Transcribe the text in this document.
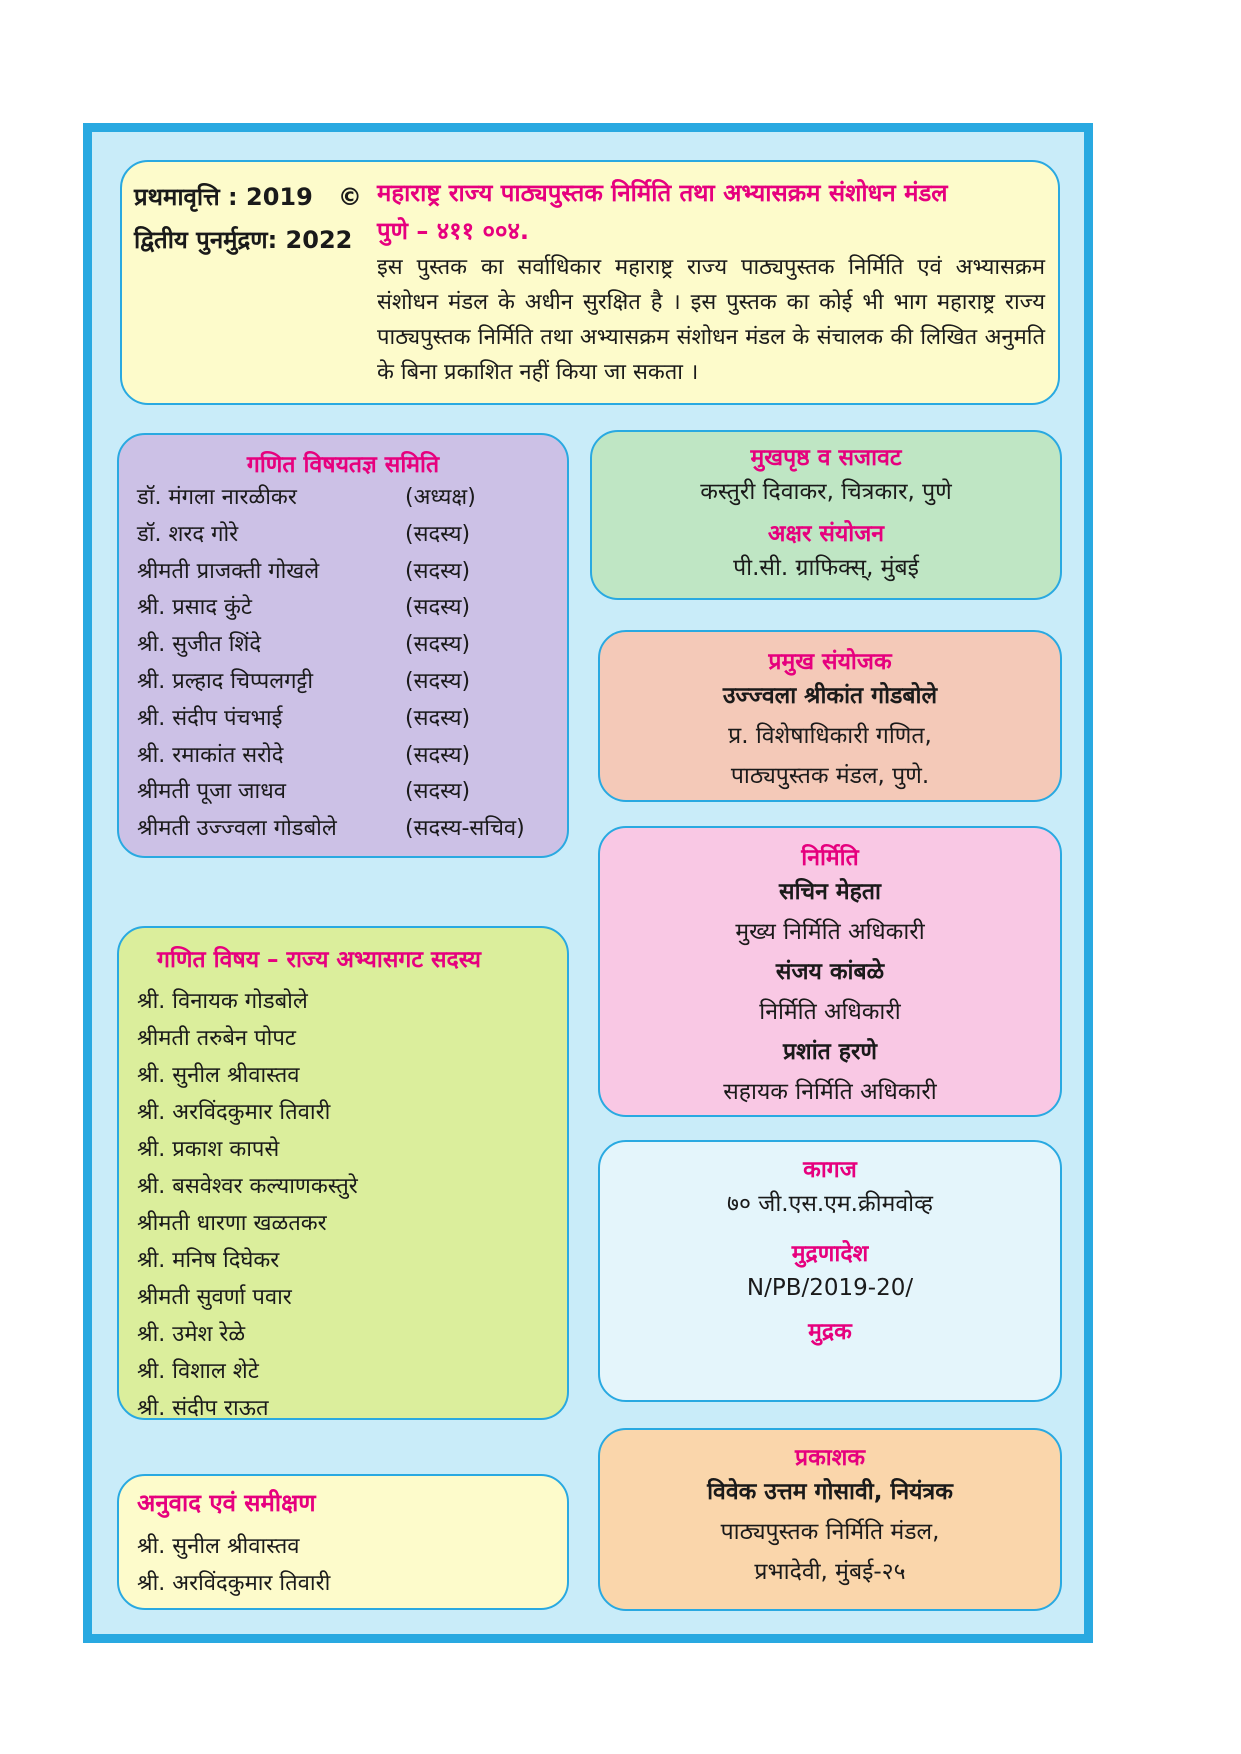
प्रथमावृत्ति : 2019 ©
द्वितीय पुनर्मुद्रण: 2022
महाराष्ट्र राज्य पाठ्यपुस्तक निर्मिति तथा अभ्यासक्रम संशोधन मंडल
पुणे – ४११ ००४.
इस पुस्तक का सर्वाधिकार महाराष्ट्र राज्य पाठ्यपुस्तक निर्मिति एवं अभ्यासक्रम संशोधन मंडल के अधीन सुरक्षित है । इस पुस्तक का कोई भी भाग महाराष्ट्र राज्य पाठ्यपुस्तक निर्मिति तथा अभ्यासक्रम संशोधन मंडल के संचालक की लिखित अनुमति के बिना प्रकाशित नहीं किया जा सकता ।
गणित विषयतज्ञ समिति
डॉ. मंगला नारळीकर	(अध्यक्ष)
डॉ. शरद गोरे	(सदस्य)
श्रीमती प्राजक्ती गोखले	(सदस्य)
श्री. प्रसाद कुंटे	(सदस्य)
श्री. सुजीत शिंदे	(सदस्य)
श्री. प्रल्हाद चिप्पलगट्टी	(सदस्य)
श्री. संदीप पंचभाई	(सदस्य)
श्री. रमाकांत सरोदे	(सदस्य)
श्रीमती पूजा जाधव	(सदस्य)
श्रीमती उज्ज्वला गोडबोले	(सदस्य-सचिव)
मुखपृष्ठ व सजावट
कस्तुरी दिवाकर, चित्रकार, पुणे
अक्षर संयोजन
पी.सी. ग्राफिक्स्, मुंबई
प्रमुख संयोजक
उज्ज्वला श्रीकांत गोडबोले
प्र. विशेषाधिकारी गणित,
पाठ्यपुस्तक मंडल, पुणे.
निर्मिति
सचिन मेहता
मुख्य निर्मिति अधिकारी
संजय कांबळे
निर्मिति अधिकारी
प्रशांत हरणे
सहायक निर्मिति अधिकारी
कागज
७० जी.एस.एम.क्रीमवोव्ह
मुद्रणादेश
N/PB/2019-20/
मुद्रक
गणित विषय – राज्य अभ्यासगट सदस्य
श्री. विनायक गोडबोले
श्रीमती तरुबेन पोपट
श्री. सुनील श्रीवास्तव
श्री. अरविंदकुमार तिवारी
श्री. प्रकाश कापसे
श्री. बसवेश्वर कल्याणकस्तुरे
श्रीमती धारणा खळतकर
श्री. मनिष दिघेकर
श्रीमती सुवर्णा पवार
श्री. उमेश रेळे
श्री. विशाल शेटे
श्री. संदीप राऊत
अनुवाद एवं समीक्षण
श्री. सुनील श्रीवास्तव
श्री. अरविंदकुमार तिवारी
प्रकाशक
विवेक उत्तम गोसावी, नियंत्रक
पाठ्यपुस्तक निर्मिति मंडल,
प्रभादेवी, मुंबई-२५
